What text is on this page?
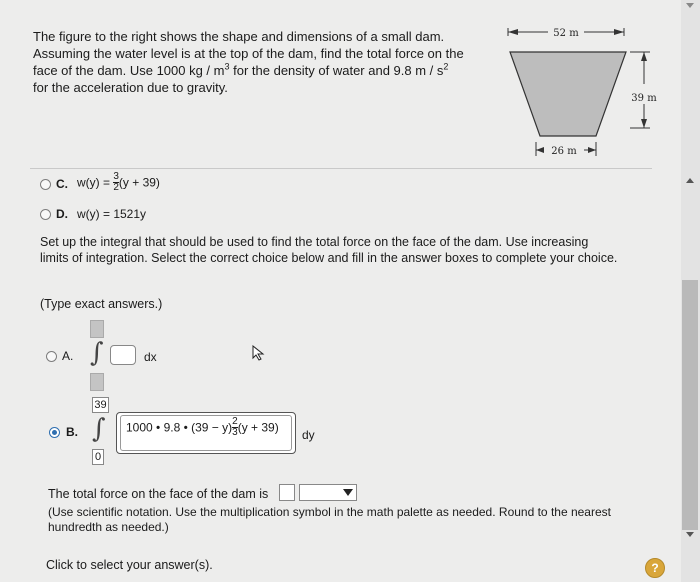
The figure to the right shows the shape and dimensions of a small dam.
Assuming the water level is at the top of the dam, find the total force on the
face of the dam. Use 1000 kg / $m^3$ for the density of water and 9.8 m / $s^2$
for the acceleration due to gravity.
52 m
39 m
26 m
C. $w(y) = \frac{3}{2} (y + 39)$
D. w(y) = 1521y
Set up the integral that should be used to find the total force on the face of the dam. Use increasing limits of integration. Select the correct choice below and fill in the answer boxes to complete your choice.
(Type exact answers.)
A. ∫	dx
B.
39
∫
0
1000 • 9.8 • $(39 - y) \frac{2}{3} (y + 39)$
dy
The total force on the face of the dam is
(Use scientific notation. Use the multiplication symbol in the math palette as needed. Round to the nearest hundredth as needed.)
Click to select your answer(s).	?
